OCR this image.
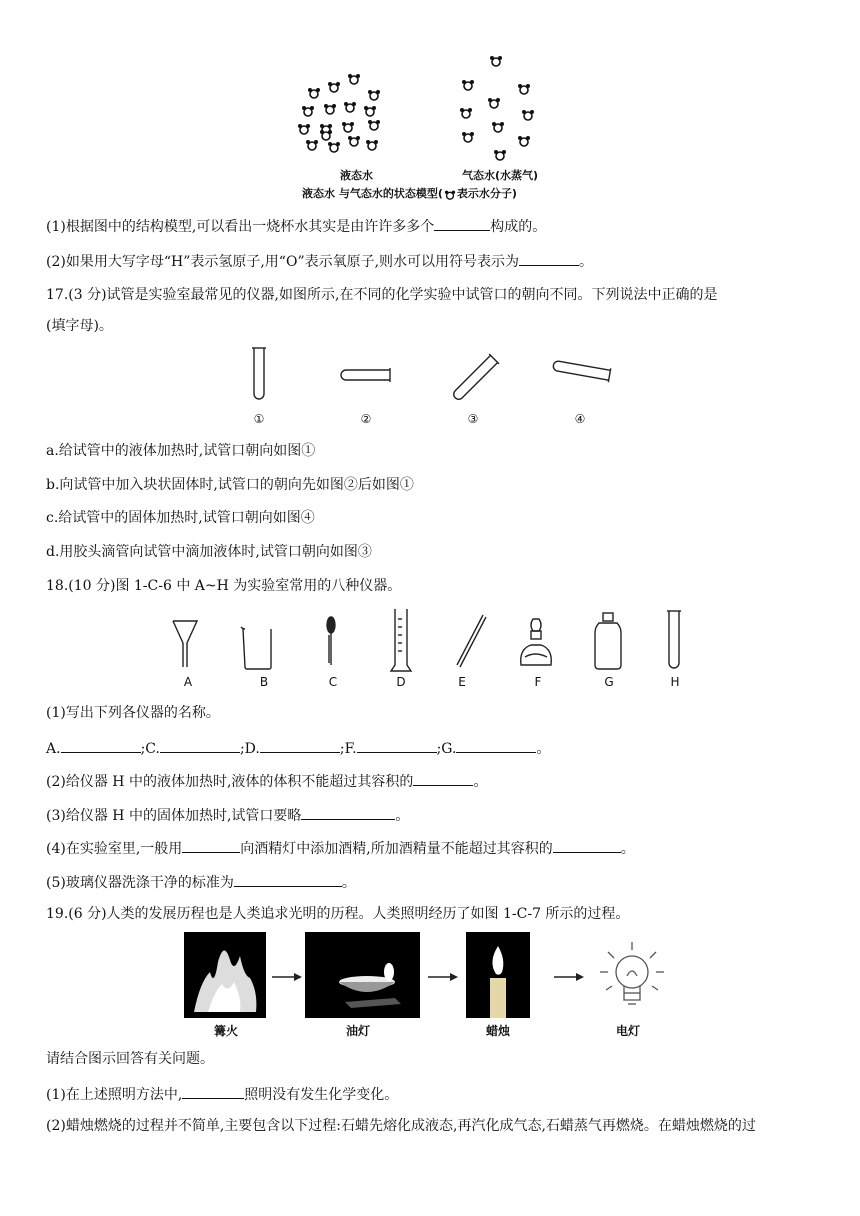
液态水	气态水(水蒸气)
液态水 与气态水的状态模型( 表示水分子)
(1)根据图中的结构模型,可以看出一烧杯水其实是由许许多多个	构成的。
(2)如果用大写字母“H”表示氢原子,用“O”表示氧原子,则水可以用符号表示为	。
17.(3 分)试管是实验室最常见的仪器,如图所示,在不同的化学实验中试管口的朝向不同。下列说法中正确的是
(填字母)。
①	②	③	④
a.给试管中的液体加热时,试管口朝向如图①
b.向试管中加入块状固体时,试管口的朝向先如图②后如图①
c.给试管中的固体加热时,试管口朝向如图④
d.用胶头滴管向试管中滴加液体时,试管口朝向如图③
18.(10 分)图 1-C-6 中 A~H 为实验室常用的八种仪器。
A	B	C	D	E	F	G	H
(1)写出下列各仪器的名称。
A.	;C.	;D.	;F.	;G.	。
(2)给仪器 H 中的液体加热时,液体的体积不能超过其容积的	。
(3)给仪器 H 中的固体加热时,试管口要略	。
(4)在实验室里,一般用	向酒精灯中添加酒精,所加酒精量不能超过其容积的	。
(5)玻璃仪器洗涤干净的标准为	。
19.(6 分)人类的发展历程也是人类追求光明的历程。人类照明经历了如图 1-C-7 所示的过程。
篝火	油灯	蜡烛	电灯
请结合图示回答有关问题。
(1)在上述照明方法中,	照明没有发生化学变化。
(2)蜡烛燃烧的过程并不简单,主要包含以下过程:石蜡先熔化成液态,再汽化成气态,石蜡蒸气再燃烧。在蜡烛燃烧的过
